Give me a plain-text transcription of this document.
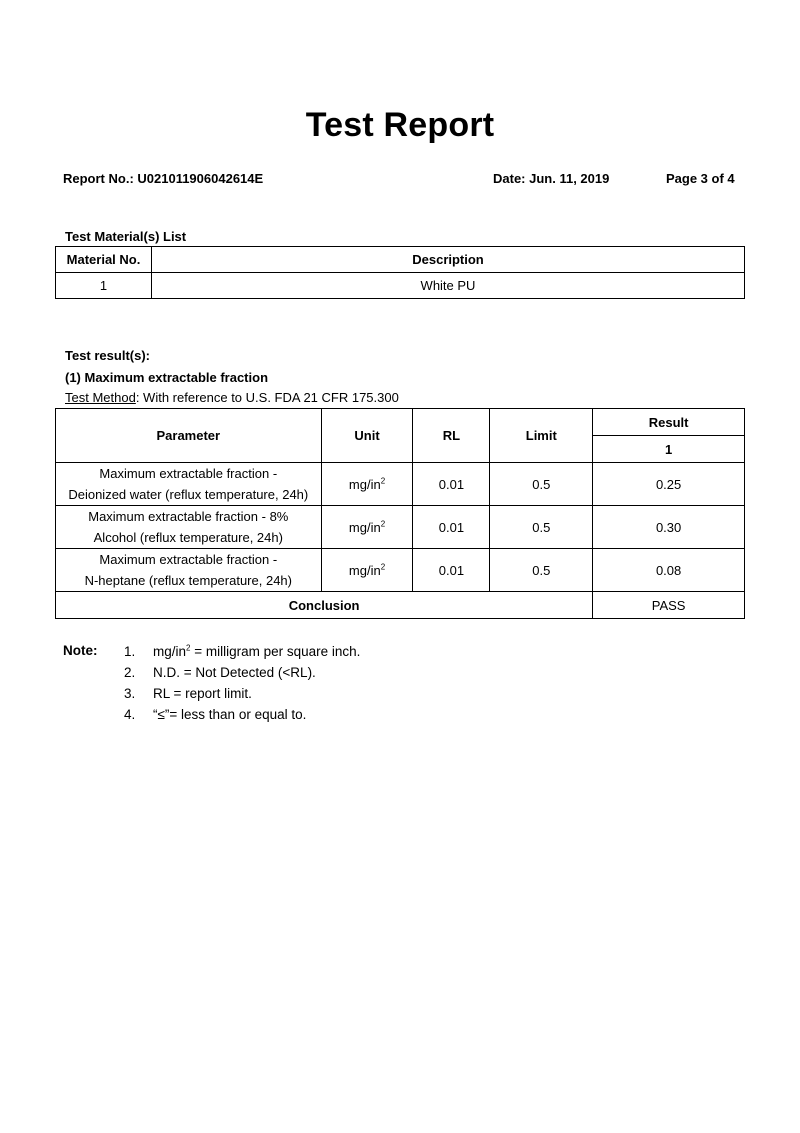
Test Report
Report No.: U021011906042614E	Date: Jun. 11, 2019	Page 3 of 4
Test Material(s) List
Material No.	Description
1	White PU
Test result(s):
(1) Maximum extractable fraction
Test Method: With reference to U.S. FDA 21 CFR 175.300
Parameter	Unit	RL	Limit	Result
				1

Maximum extractable fraction -
Deionized water (reflux temperature, 24h)	$mg/in^2$	0.01	0.5	0.25

Maximum extractable fraction - 8%
Alcohol (reflux temperature, 24h)	$mg/in^2$	0.01	0.5	0.30

Maximum extractable fraction -
N-heptane (reflux temperature, 24h)	$mg/in^2$	0.01	0.5	0.08
Conclusion				PASS
Note: 1. $mg/in^2$ = milligram per square inch.
2. N.D. = Not Detected (<RL).
3. RL = report limit.
4. “≤”= less than or equal to.
